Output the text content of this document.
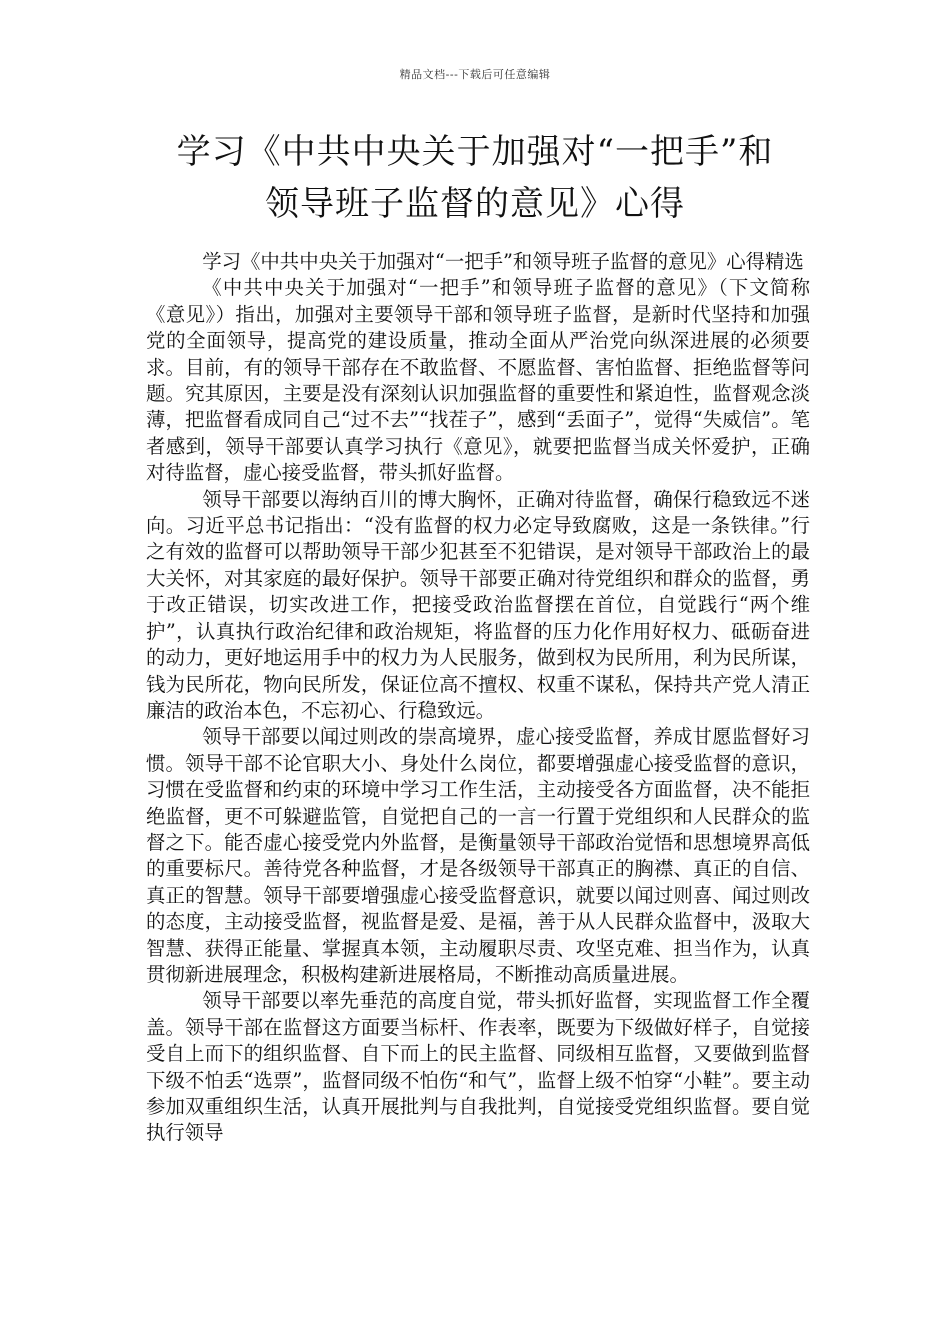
精品文档---下载后可任意编辑
学习《中共中央关于加强对“一把手”和
领导班子监督的意见》心得

学习《中共中央关于加强对“一把手”和领导班子监督的意见》心得精选

《中共中央关于加强对“一把手”和领导班子监督的意见》（下文简称《意见》）指出，加强对主要领导干部和领导班子监督，是新时代坚持和加强党的全面领导，提高党的建设质量，推动全面从严治党向纵深进展的必须要求。目前，有的领导干部存在不敢监督、不愿监督、害怕监督、拒绝监督等问题。究其原因，主要是没有深刻认识加强监督的重要性和紧迫性，监督观念淡薄，把监督看成同自己“过不去”“找茬子”，感到“丢面子”，觉得“失威信”。笔者感到，领导干部要认真学习执行《意见》，就要把监督当成关怀爱护，正确对待监督，虚心接受监督，带头抓好监督。

领导干部要以海纳百川的博大胸怀，正确对待监督，确保行稳致远不迷向。习近平总书记指出：“没有监督的权力必定导致腐败，这是一条铁律。”行之有效的监督可以帮助领导干部少犯甚至不犯错误，是对领导干部政治上的最大关怀，对其家庭的最好保护。领导干部要正确对待党组织和群众的监督，勇于改正错误，切实改进工作，把接受政治监督摆在首位，自觉践行“两个维护”，认真执行政治纪律和政治规矩，将监督的压力化作用好权力、砥砺奋进的动力，更好地运用手中的权力为人民服务，做到权为民所用，利为民所谋，钱为民所花，物向民所发，保证位高不擅权、权重不谋私，保持共产党人清正廉洁的政治本色，不忘初心、行稳致远。

领导干部要以闻过则改的崇高境界，虚心接受监督，养成甘愿监督好习惯。领导干部不论官职大小、身处什么岗位，都要增强虚心接受监督的意识，习惯在受监督和约束的环境中学习工作生活，主动接受各方面监督，决不能拒绝监督，更不可躲避监管，自觉把自己的一言一行置于党组织和人民群众的监督之下。能否虚心接受党内外监督，是衡量领导干部政治觉悟和思想境界高低的重要标尺。善待党各种监督，才是各级领导干部真正的胸襟、真正的自信、真正的智慧。领导干部要增强虚心接受监督意识，就要以闻过则喜、闻过则改的态度，主动接受监督，视监督是爱、是福，善于从人民群众监督中，汲取大智慧、获得正能量、掌握真本领，主动履职尽责、攻坚克难、担当作为，认真贯彻新进展理念，积极构建新进展格局，不断推动高质量进展。

领导干部要以率先垂范的高度自觉，带头抓好监督，实现监督工作全覆盖。领导干部在监督这方面要当标杆、作表率，既要为下级做好样子，自觉接受自上而下的组织监督、自下而上的民主监督、同级相互监督，又要做到监督下级不怕丢“选票”，监督同级不怕伤“和气”，监督上级不怕穿“小鞋”。要主动参加双重组织生活，认真开展批判与自我批判，自觉接受党组织监督。要自觉执行领导
